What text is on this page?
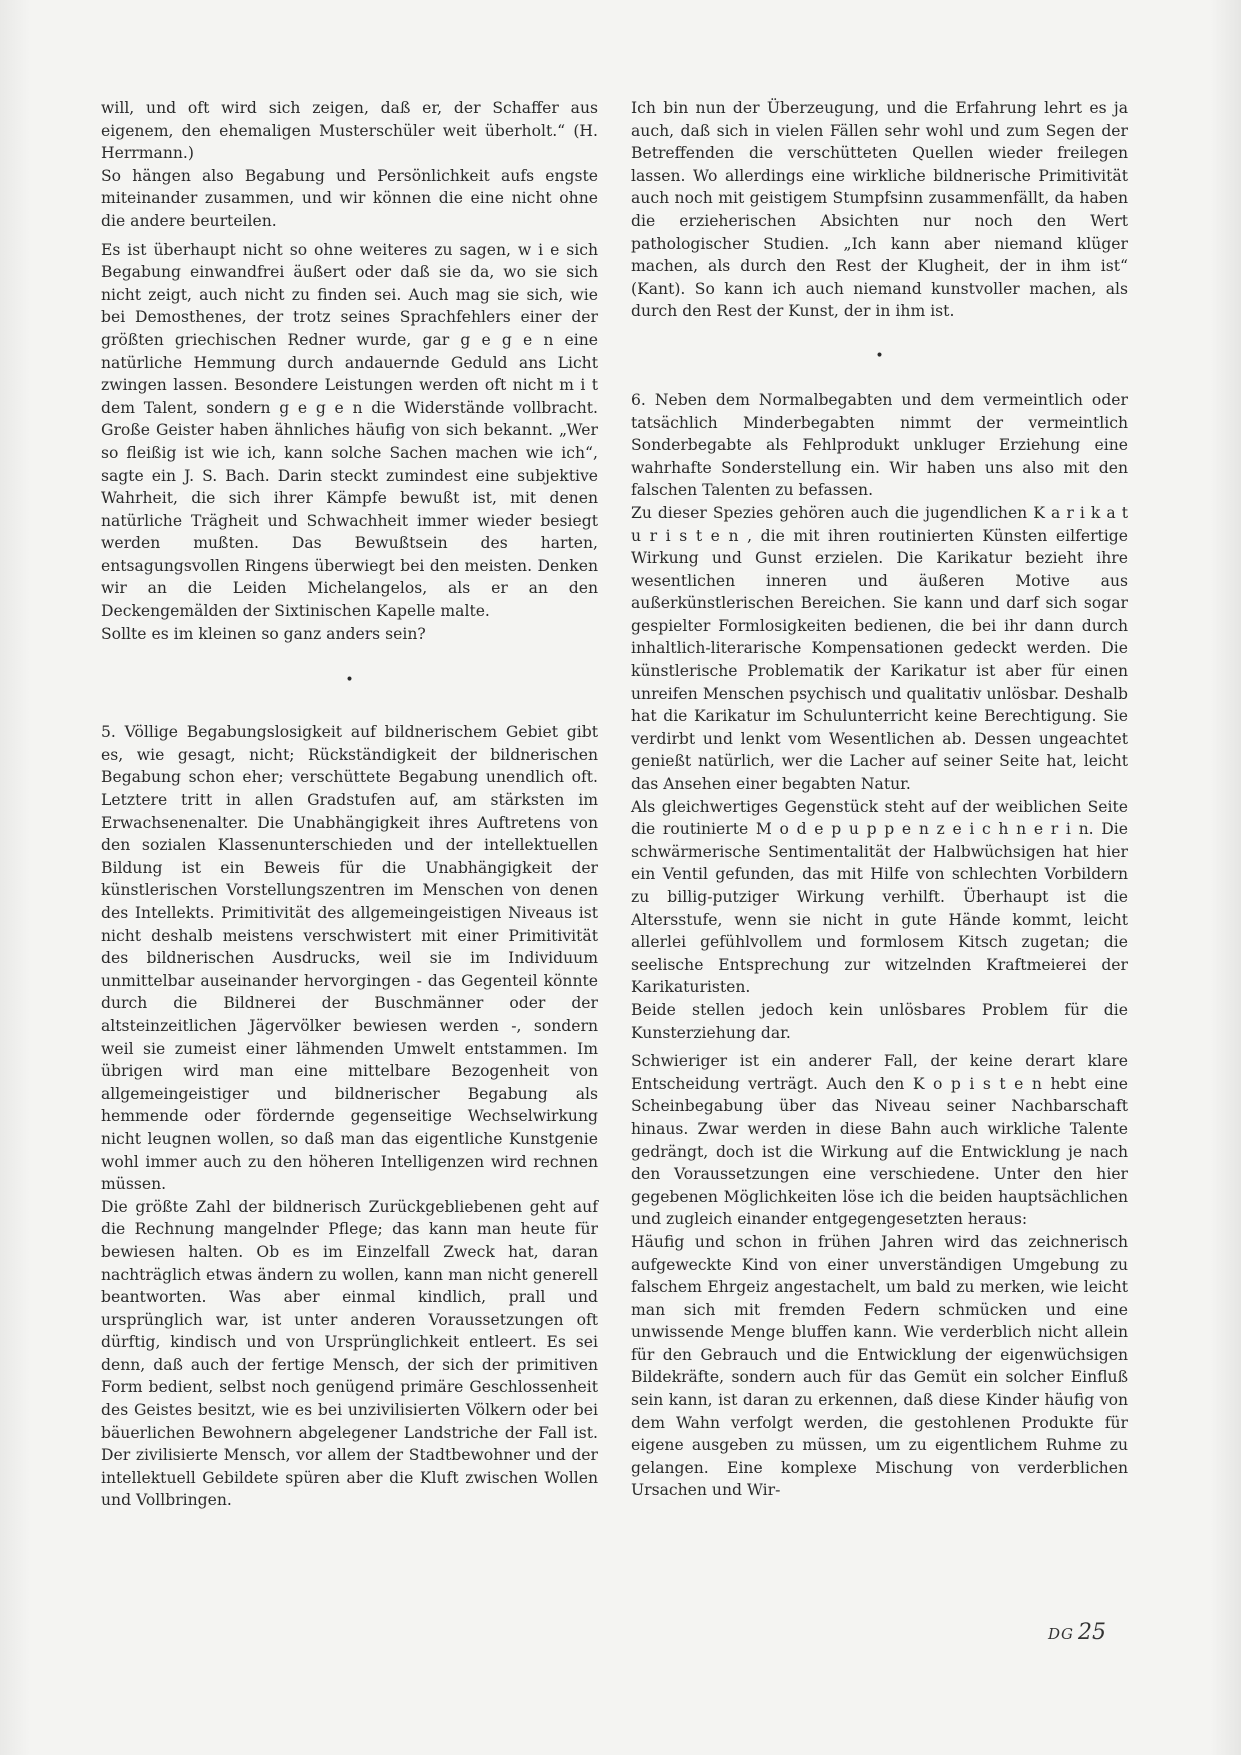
will, und oft wird sich zeigen, daß er, der Schaffer aus eigenem, den ehemaligen Musterschüler weit überholt.“ (H. Herrmann.)

So hängen also Begabung und Persönlichkeit aufs engste miteinander zusammen, und wir können die eine nicht ohne die andere beurteilen.

Es ist überhaupt nicht so ohne weiteres zu sagen, w i e sich Begabung einwandfrei äußert oder daß sie da, wo sie sich nicht zeigt, auch nicht zu finden sei. Auch mag sie sich, wie bei Demosthenes, der trotz seines Sprachfehlers einer der größten griechischen Redner wurde, gar g e g e n eine natürliche Hemmung durch andauernde Geduld ans Licht zwingen lassen. Besondere Leistungen werden oft nicht m i t dem Talent, sondern g e g e n die Widerstände vollbracht. Große Geister haben ähnliches häufig von sich bekannt. „Wer so fleißig ist wie ich, kann solche Sachen machen wie ich“, sagte ein J. S. Bach. Darin steckt zumindest eine subjektive Wahrheit, die sich ihrer Kämpfe bewußt ist, mit denen natürliche Trägheit und Schwachheit immer wieder besiegt werden mußten. Das Bewußtsein des harten, entsagungsvollen Ringens überwiegt bei den meisten. Denken wir an die Leiden Michelangelos, als er an den Deckengemälden der Sixtinischen Kapelle malte.

Sollte es im kleinen so ganz anders sein?

•

5. Völlige Begabungslosigkeit auf bildnerischem Gebiet gibt es, wie gesagt, nicht; Rückständigkeit der bildnerischen Begabung schon eher; verschüttete Begabung unendlich oft. Letztere tritt in allen Gradstufen auf, am stärksten im Erwachsenenalter. Die Unabhängigkeit ihres Auftretens von den sozialen Klassenunterschieden und der intellektuellen Bildung ist ein Beweis für die Unabhängigkeit der künstlerischen Vorstellungszentren im Menschen von denen des Intellekts. Primitivität des allgemeingeistigen Niveaus ist nicht deshalb meistens verschwistert mit einer Primitivität des bildnerischen Ausdrucks, weil sie im Individuum unmittelbar auseinander hervorgingen - das Gegenteil könnte durch die Bildnerei der Buschmänner oder der altsteinzeitlichen Jägervölker bewiesen werden -, sondern weil sie zumeist einer lähmenden Umwelt entstammen. Im übrigen wird man eine mittelbare Bezogenheit von allgemeingeistiger und bildnerischer Begabung als hemmende oder fördernde gegenseitige Wechselwirkung nicht leugnen wollen, so daß man das eigentliche Kunstgenie wohl immer auch zu den höheren Intelligenzen wird rechnen müssen.

Die größte Zahl der bildnerisch Zurückgebliebenen geht auf die Rechnung mangelnder Pflege; das kann man heute für bewiesen halten. Ob es im Einzelfall Zweck hat, daran nachträglich etwas ändern zu wollen, kann man nicht generell beantworten. Was aber einmal kindlich, prall und ursprünglich war, ist unter anderen Voraussetzungen oft dürftig, kindisch und von Ursprünglichkeit entleert. Es sei denn, daß auch der fertige Mensch, der sich der primitiven Form bedient, selbst noch genügend primäre Geschlossenheit des Geistes besitzt, wie es bei unzivilisierten Völkern oder bei bäuerlichen Bewohnern abgelegener Landstriche der Fall ist. Der zivilisierte Mensch, vor allem der Stadtbewohner und der intellektuell Gebildete spüren aber die Kluft zwischen Wollen und Vollbringen.

Ich bin nun der Überzeugung, und die Erfahrung lehrt es ja auch, daß sich in vielen Fällen sehr wohl und zum Segen der Betreffenden die verschütteten Quellen wieder freilegen lassen. Wo allerdings eine wirkliche bildnerische Primitivität auch noch mit geistigem Stumpfsinn zusammenfällt, da haben die erzieherischen Absichten nur noch den Wert pathologischer Studien. „Ich kann aber niemand klüger machen, als durch den Rest der Klugheit, der in ihm ist“ (Kant). So kann ich auch niemand kunstvoller machen, als durch den Rest der Kunst, der in ihm ist.

•

6. Neben dem Normalbegabten und dem vermeintlich oder tatsächlich Minderbegabten nimmt der vermeintlich Sonderbegabte als Fehlprodukt unkluger Erziehung eine wahrhafte Sonderstellung ein. Wir haben uns also mit den falschen Talenten zu befassen.

Zu dieser Spezies gehören auch die jugendlichen K a r i k a t u r i s t e n , die mit ihren routinierten Künsten eilfertige Wirkung und Gunst erzielen. Die Karikatur bezieht ihre wesentlichen inneren und äußeren Motive aus außerkünstlerischen Bereichen. Sie kann und darf sich sogar gespielter Formlosigkeiten bedienen, die bei ihr dann durch inhaltlich-literarische Kompensationen gedeckt werden. Die künstlerische Problematik der Karikatur ist aber für einen unreifen Menschen psychisch und qualitativ unlösbar. Deshalb hat die Karikatur im Schulunterricht keine Berechtigung. Sie verdirbt und lenkt vom Wesentlichen ab. Dessen ungeachtet genießt natürlich, wer die Lacher auf seiner Seite hat, leicht das Ansehen einer begabten Natur.

Als gleichwertiges Gegenstück steht auf der weiblichen Seite die routinierte M o d e p u p p e n z e i c h n e r i n. Die schwärmerische Sentimentalität der Halbwüchsigen hat hier ein Ventil gefunden, das mit Hilfe von schlechten Vorbildern zu billig-putziger Wirkung verhilft. Überhaupt ist die Altersstufe, wenn sie nicht in gute Hände kommt, leicht allerlei gefühlvollem und formlosem Kitsch zugetan; die seelische Entsprechung zur witzelnden Kraftmeierei der Karikaturisten.

Beide stellen jedoch kein unlösbares Problem für die Kunsterziehung dar.

Schwieriger ist ein anderer Fall, der keine derart klare Entscheidung verträgt. Auch den K o p i s t e n hebt eine Scheinbegabung über das Niveau seiner Nachbarschaft hinaus. Zwar werden in diese Bahn auch wirkliche Talente gedrängt, doch ist die Wirkung auf die Entwicklung je nach den Voraussetzungen eine verschiedene. Unter den hier gegebenen Möglichkeiten löse ich die beiden hauptsächlichen und zugleich einander entgegengesetzten heraus:

Häufig und schon in frühen Jahren wird das zeichnerisch aufgeweckte Kind von einer unverständigen Umgebung zu falschem Ehrgeiz angestachelt, um bald zu merken, wie leicht man sich mit fremden Federn schmücken und eine unwissende Menge bluffen kann. Wie verderblich nicht allein für den Gebrauch und die Entwicklung der eigenwüchsigen Bildekräfte, sondern auch für das Gemüt ein solcher Einfluß sein kann, ist daran zu erkennen, daß diese Kinder häufig von dem Wahn verfolgt werden, die gestohlenen Produkte für eigene ausgeben zu müssen, um zu eigentlichem Ruhme zu gelangen. Eine komplexe Mischung von verderblichen Ursachen und Wir-

DG 25
